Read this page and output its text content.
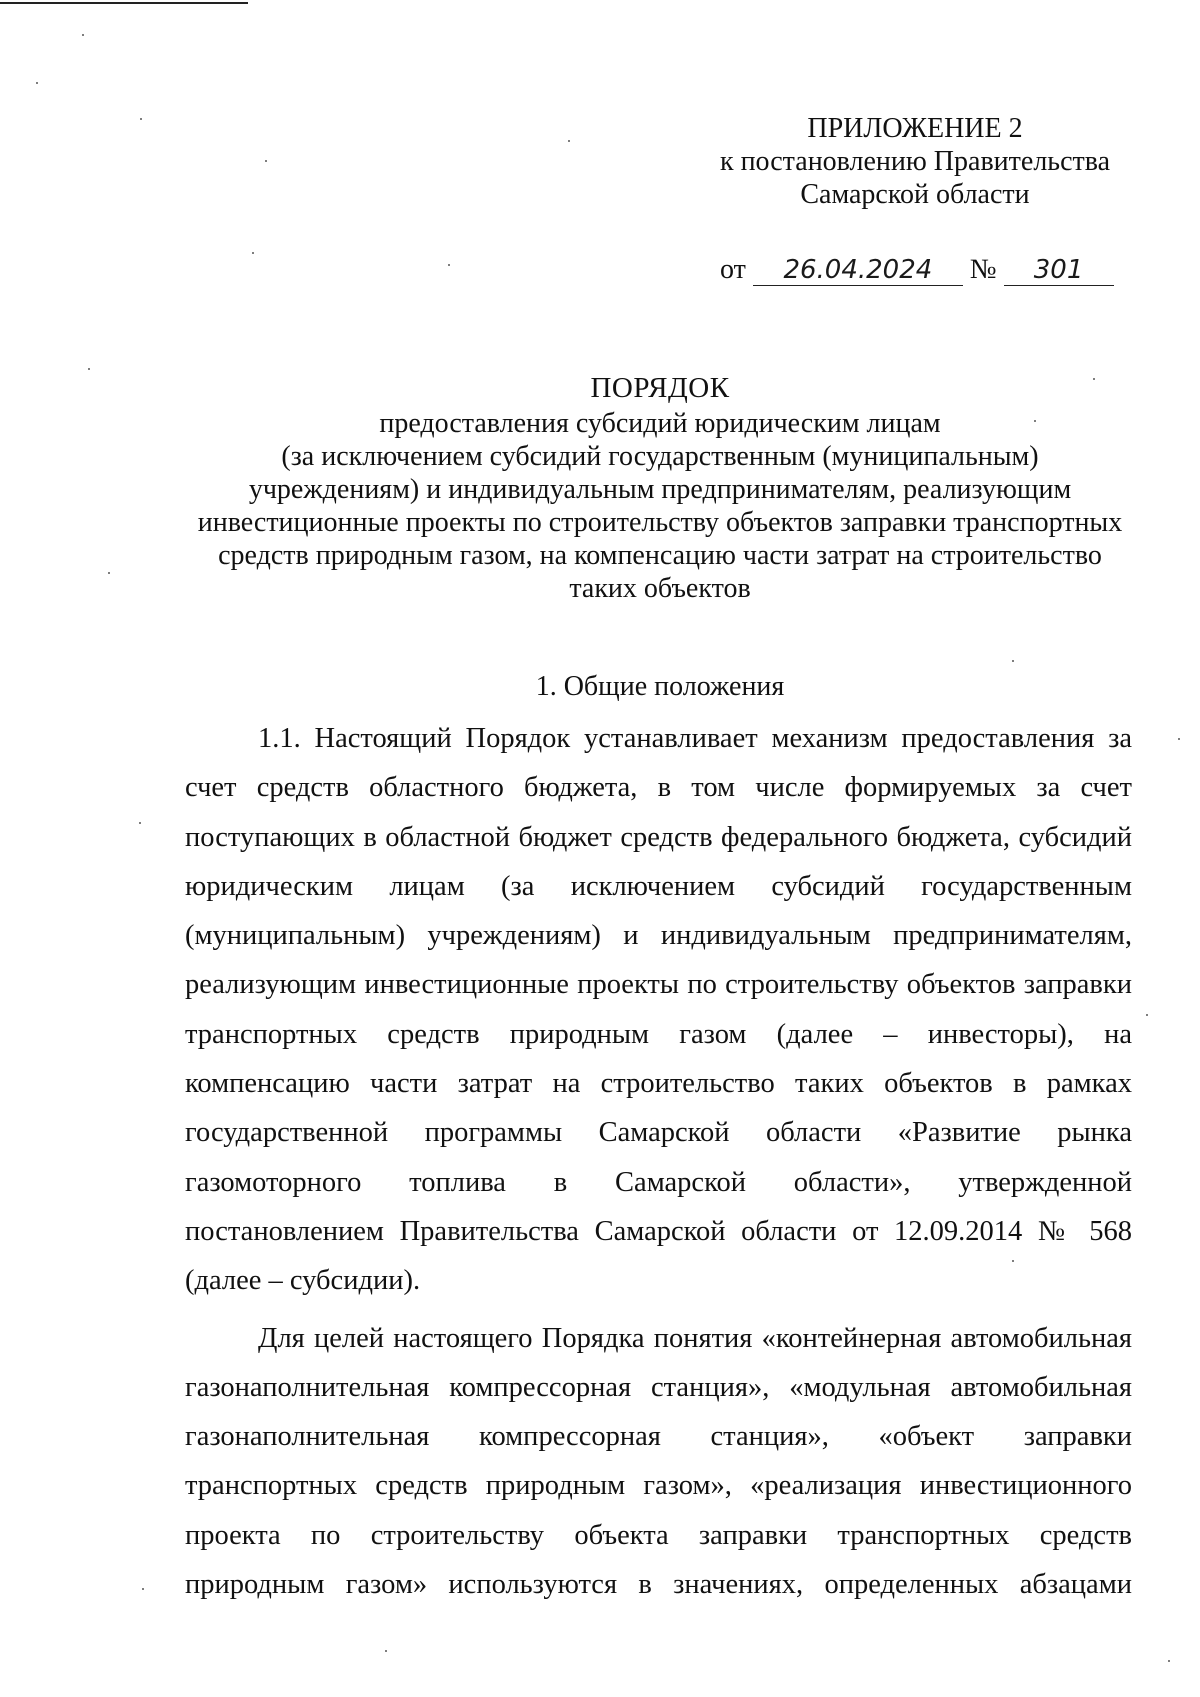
ПРИЛОЖЕНИЕ 2
к постановлению Правительства
Самарской области
от 26.04.2024 № 301
ПОРЯДОК
предоставления субсидий юридическим лицам
(за исключением субсидий государственным (муниципальным)
учреждениям) и индивидуальным предпринимателям, реализующим
инвестиционные проекты по строительству объектов заправки транспортных
средств природным газом, на компенсацию части затрат на строительство
таких объектов
1. Общие положения
1.1. Настоящий Порядок устанавливает механизм предоставления за
счет средств областного бюджета, в том числе формируемых за счет
поступающих в областной бюджет средств федерального бюджета, субсидий
юридическим лицам (за исключением субсидий государственным
(муниципальным) учреждениям) и индивидуальным предпринимателям,
реализующим инвестиционные проекты по строительству объектов заправки
транспортных средств природным газом (далее – инвесторы), на
компенсацию части затрат на строительство таких объектов в рамках
государственной программы Самарской области «Развитие рынка
газомоторного топлива в Самарской области», утвержденной
постановлением Правительства Самарской области от 12.09.2014 № 568
(далее – субсидии).
Для целей настоящего Порядка понятия «контейнерная автомобильная
газонаполнительная компрессорная станция», «модульная автомобильная
газонаполнительная компрессорная станция», «объект заправки
транспортных средств природным газом», «реализация инвестиционного
проекта по строительству объекта заправки транспортных средств
природным газом» используются в значениях, определенных абзацами
